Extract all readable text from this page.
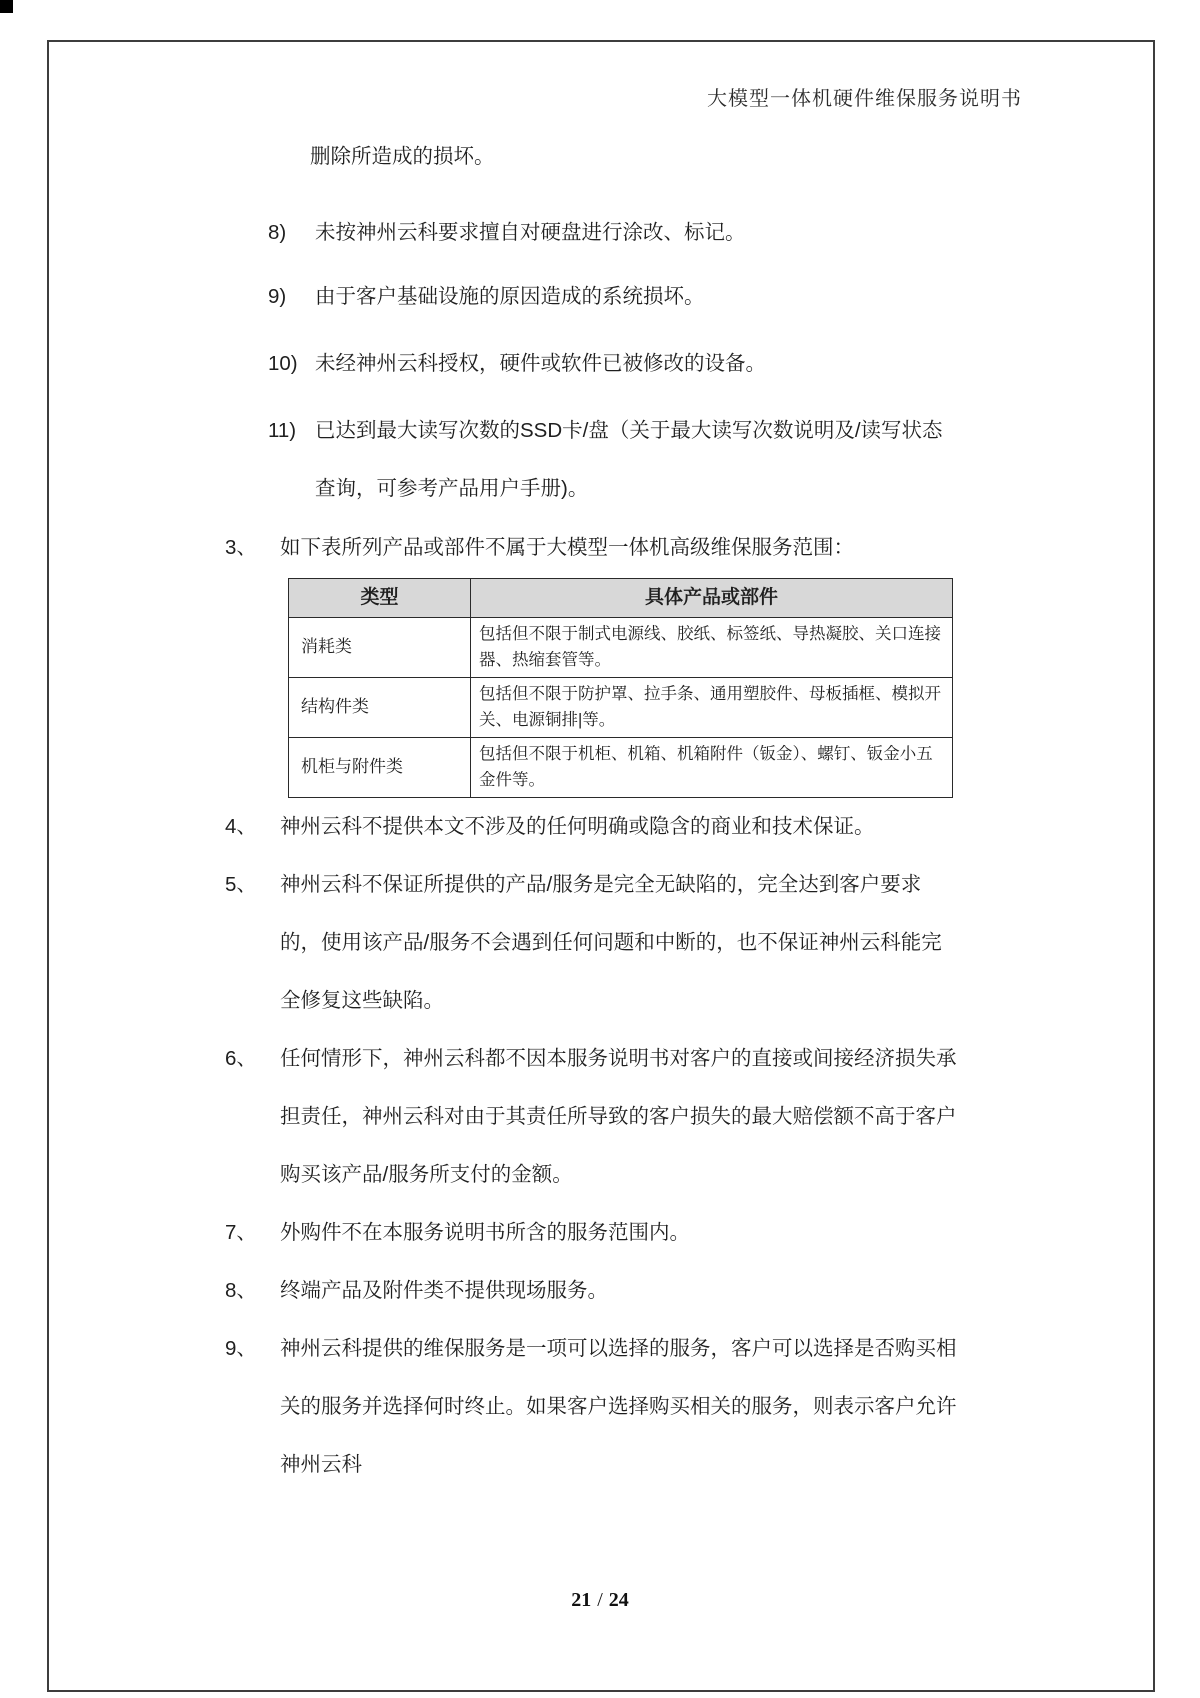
大模型一体机硬件维保服务说明书
删除所造成的损坏。
8)	未按神州云科要求擅自对硬盘进行涂改、标记。
9)	由于客户基础设施的原因造成的系统损坏。
10) 未经神州云科授权，硬件或软件已被修改的设备。
11) 已达到最大读写次数的SSD卡/盘（关于最大读写次数说明及/读写状态查询，可参考产品用户手册)。
3、	如下表所列产品或部件不属于大模型一体机高级维保服务范围：
类型	具体产品或部件
消耗类	包括但不限于制式电源线、胶纸、标签纸、导热凝胶、关口连接器、热缩套管等。
结构件类	包括但不限于防护罩、拉手条、通用塑胶件、母板插框、模拟开关、电源铜排|等。
机柜与附件类	包括但不限于机柜、机箱、机箱附件（钣金）、螺钉、钣金小五金件等。
4、	神州云科不提供本文不涉及的任何明确或隐含的商业和技术保证。
5、	神州云科不保证所提供的产品/服务是完全无缺陷的，完全达到客户要求的，使用该产品/服务不会遇到任何问题和中断的，也不保证神州云科能完全修复这些缺陷。
6、	任何情形下，神州云科都不因本服务说明书对客户的直接或间接经济损失承担责任，神州云科对由于其责任所导致的客户损失的最大赔偿额不高于客户购买该产品/服务所支付的金额。
7、	外购件不在本服务说明书所含的服务范围内。
8、	终端产品及附件类不提供现场服务。
9、	神州云科提供的维保服务是一项可以选择的服务，客户可以选择是否购买相关的服务并选择何时终止。如果客户选择购买相关的服务，则表示客户允许神州云科
21 / 24
